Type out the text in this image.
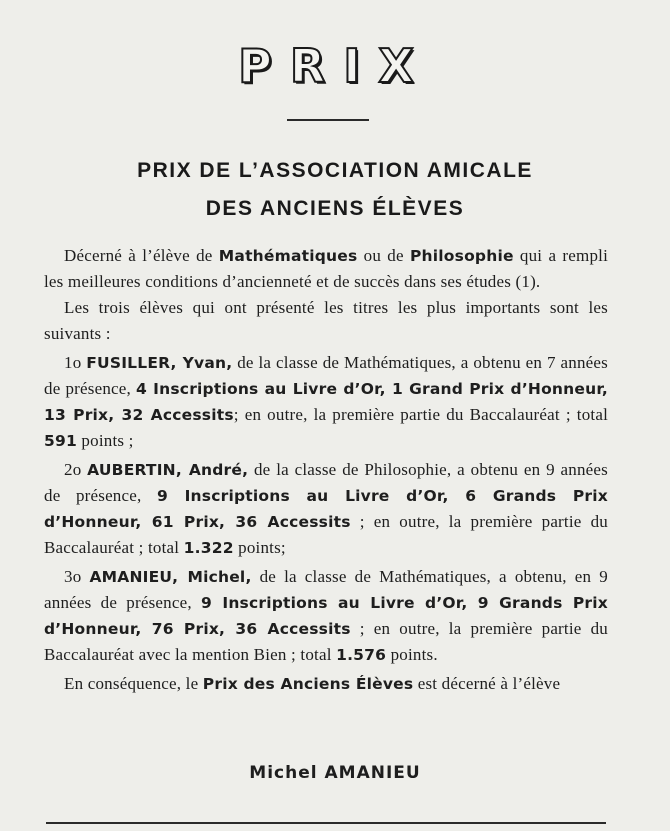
PRIX
PRIX DE L’ASSOCIATION AMICALE
DES ANCIENS ÉLÈVES

Décerné à l’élève de Mathématiques ou de Philosophie qui a rempli les meilleures conditions d’ancienneté et de succès dans ses études (1).

Les trois élèves qui ont présenté les titres les plus importants sont les suivants :

1o FUSILLER, Yvan, de la classe de Mathématiques, a obtenu en 7 années de présence, 4 Inscriptions au Livre d’Or, 1 Grand Prix d’Honneur, 13 Prix, 32 Accessits; en outre, la première partie du Baccalauréat ; total 591 points ;

2o AUBERTIN, André, de la classe de Philosophie, a obtenu en 9 années de présence, 9 Inscriptions au Livre d’Or, 6 Grands Prix d’Honneur, 61 Prix, 36 Accessits ; en outre, la première partie du Baccalauréat ; total 1.322 points;

3o AMANIEU, Michel, de la classe de Mathématiques, a obtenu, en 9 années de présence, 9 Inscriptions au Livre d’Or, 9 Grands Prix d’Honneur, 76 Prix, 36 Accessits ; en outre, la première partie du Baccalauréat avec la mention Bien ; total 1.576 points.

En conséquence, le Prix des Anciens Élèves est décerné à l’élève

Michel AMANIEU
